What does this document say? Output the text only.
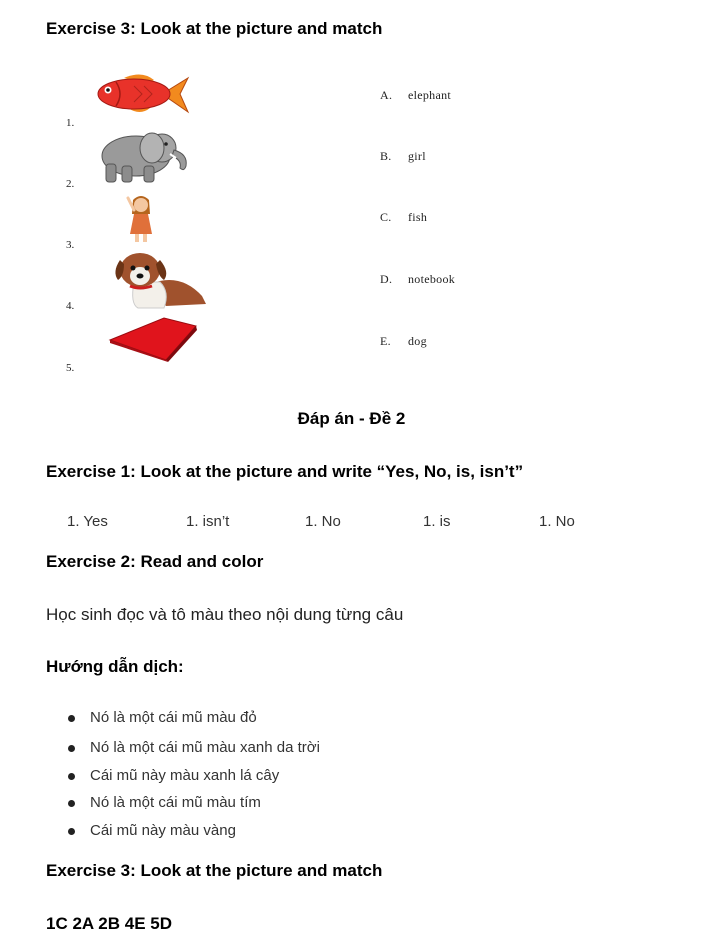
Exercise 3: Look at the picture and match
1.
2.
3.
4.
5.
A. elephant
B. girl
C. fish
D. notebook
E. dog
Đáp án - Đề 2
Exercise 1: Look at the picture and write “Yes, No, is, isn’t”
1. Yes	1. isn’t	1. No	1. is	1. No
Exercise 2: Read and color
Học sinh đọc và tô màu theo nội dung từng câu
Hướng dẫn dịch:
Nó là một cái mũ màu đỏ
Nó là một cái mũ màu xanh da trời
Cái mũ này màu xanh lá cây
Nó là một cái mũ màu tím
Cái mũ này màu vàng
Exercise 3: Look at the picture and match
1C 2A 2B 4E 5D
